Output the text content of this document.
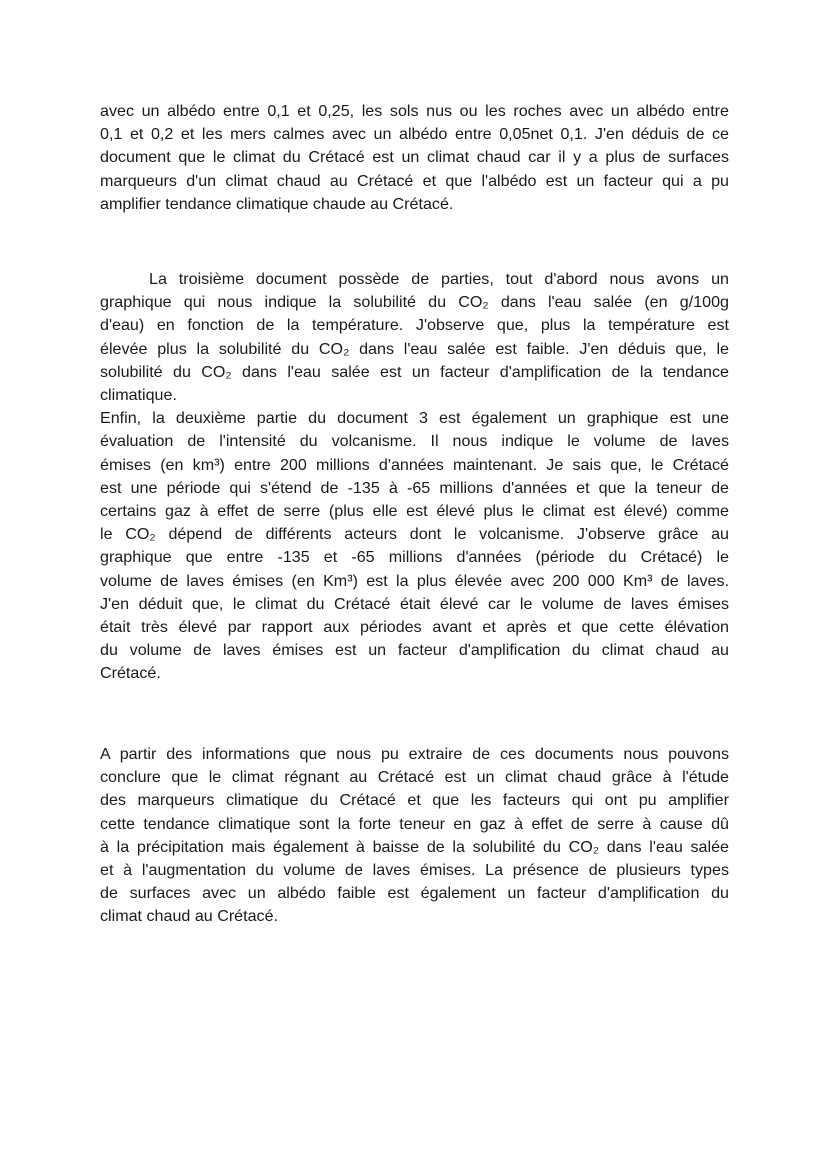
avec un albédo entre 0,1 et 0,25, les sols nus ou les roches avec un albédo entre
0,1 et 0,2 et les mers calmes avec un albédo entre 0,05net 0,1. J'en déduis de ce
document que le climat du Crétacé est un climat chaud car il y a plus de surfaces
marqueurs d'un climat chaud au Crétacé et que l'albédo est un facteur qui a pu
amplifier tendance climatique chaude au Crétacé.
La troisième document possède de parties, tout d'abord nous avons un
graphique qui nous indique la solubilité du CO₂ dans l'eau salée (en g/100g
d'eau) en fonction de la température. J'observe que, plus la température est
élevée plus la solubilité du CO₂ dans l'eau salée est faible. J'en déduis que, le
solubilité du CO₂ dans l'eau salée est un facteur d'amplification de la tendance
climatique.
Enfin, la deuxième partie du document 3 est également un graphique est une
évaluation de l'intensité du volcanisme. Il nous indique le volume de laves
émises (en km³) entre 200 millions d'années maintenant. Je sais que, le Crétacé
est une période qui s'étend de -135 à -65 millions d'années et que la teneur de
certains gaz à effet de serre (plus elle est élevé plus le climat est élevé) comme
le CO₂ dépend de différents acteurs dont le volcanisme. J'observe grâce au
graphique que entre -135 et -65 millions d'années (période du Crétacé) le
volume de laves émises (en Km³) est la plus élevée avec 200 000 Km³ de laves.
J'en déduit que, le climat du Crétacé était élevé car le volume de laves émises
était très élevé par rapport aux périodes avant et après et que cette élévation
du volume de laves émises est un facteur d'amplification du climat chaud au
Crétacé.
A partir des informations que nous pu extraire de ces documents nous pouvons
conclure que le climat régnant au Crétacé est un climat chaud grâce à l'étude
des marqueurs climatique du Crétacé et que les facteurs qui ont pu amplifier
cette tendance climatique sont la forte teneur en gaz à effet de serre à cause dû
à la précipitation mais également à baisse de la solubilité du CO₂ dans l'eau salée
et à l'augmentation du volume de laves émises. La présence de plusieurs types
de surfaces avec un albédo faible est également un facteur d'amplification du
climat chaud au Crétacé.
